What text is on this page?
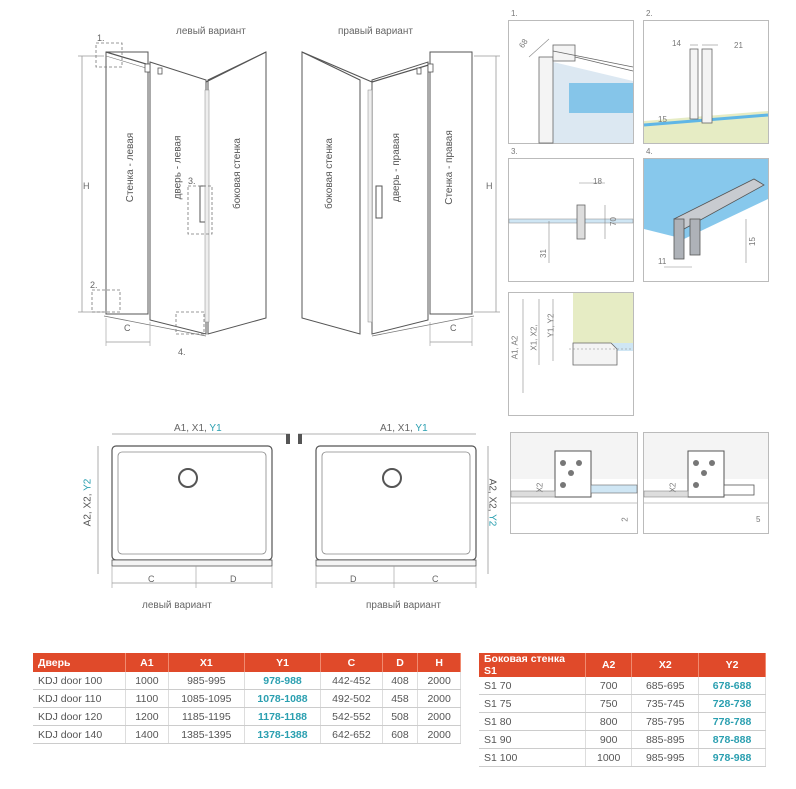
левый вариант	правый вариант
1.
2.
3.
4.
H	H
C	C
Стенка - левая	дверь - левая	боковая стенка	боковая стенка	дверь - правая	Стенка - правая
1.
68
2.
14	21
15
3.
18
70
31
4.
15
11
A1, A2 X1, X2, Y1, Y2
X2
2
X2
5
A1, X1, Y1	A1, X1, Y1
A2, X2, Y2	A2, X2, Y2
C	D	D	C
левый вариант	правый вариант
Дверь	A1	X1	Y1	C	D	H
KDJ door 100	1000	985-995	978-988	442-452	408	2000
KDJ door 110	1100	1085-1095	1078-1088	492-502	458	2000
KDJ door 120	1200	1185-1195	1178-1188	542-552	508	2000
KDJ door 140	1400	1385-1395	1378-1388	642-652	608	2000
Боковая стенка S1	A2	X2	Y2
S1 70	700	685-695	678-688
S1 75	750	735-745	728-738
S1 80	800	785-795	778-788
S1 90	900	885-895	878-888
S1 100	1000	985-995	978-988
